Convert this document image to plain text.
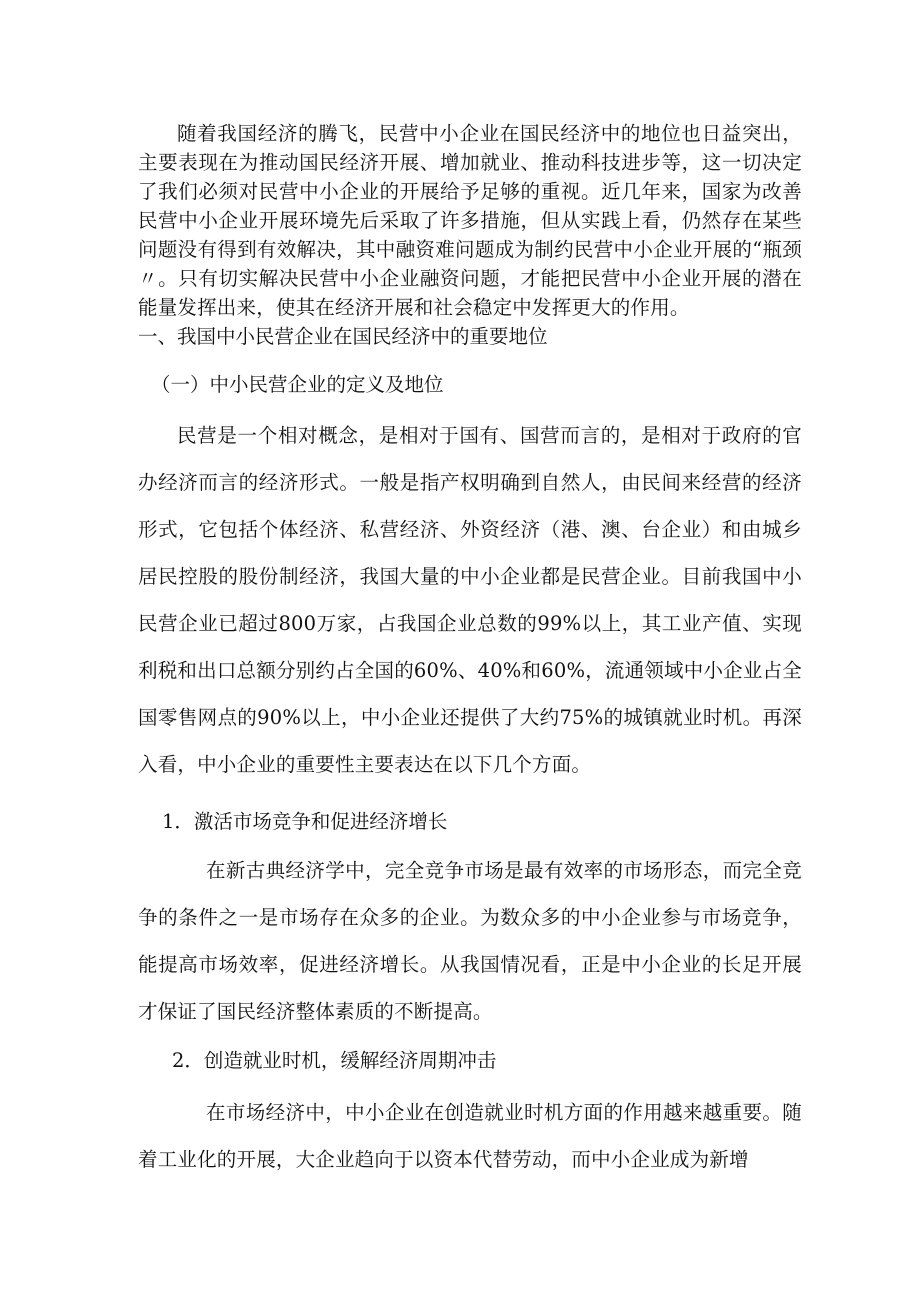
随着我国经济的腾飞，民营中小企业在国民经济中的地位也日益突出，主要表现在为推动国民经济开展、增加就业、推动科技进步等，这一切决定了我们必须对民营中小企业的开展给予足够的重视。近几年来，国家为改善民营中小企业开展环境先后采取了许多措施，但从实践上看，仍然存在某些问题没有得到有效解决，其中融资难问题成为制约民营中小企业开展的“瓶颈〃。只有切实解决民营中小企业融资问题，才能把民营中小企业开展的潜在能量发挥出来，使其在经济开展和社会稳定中发挥更大的作用。

一、我国中小民营企业在国民经济中的重要地位

（一）中小民营企业的定义及地位

民营是一个相对概念，是相对于国有、国营而言的，是相对于政府的官办经济而言的经济形式。一般是指产权明确到自然人，由民间来经营的经济形式，它包括个体经济、私营经济、外资经济（港、澳、台企业）和由城乡居民控股的股份制经济，我国大量的中小企业都是民营企业。目前我国中小民营企业已超过800万家，占我国企业总数的99%以上，其工业产值、实现利税和出口总额分别约占全国的60%、40%和60%，流通领域中小企业占全国零售网点的90%以上，中小企业还提供了大约75%的城镇就业时机。再深入看，中小企业的重要性主要表达在以下几个方面。

1．激活市场竞争和促进经济增长

在新古典经济学中，完全竞争市场是最有效率的市场形态，而完全竞争的条件之一是市场存在众多的企业。为数众多的中小企业参与市场竞争，能提高市场效率，促进经济增长。从我国情况看，正是中小企业的长足开展才保证了国民经济整体素质的不断提高。

2．创造就业时机，缓解经济周期冲击

在市场经济中，中小企业在创造就业时机方面的作用越来越重要。随着工业化的开展，大企业趋向于以资本代替劳动，而中小企业成为新增
